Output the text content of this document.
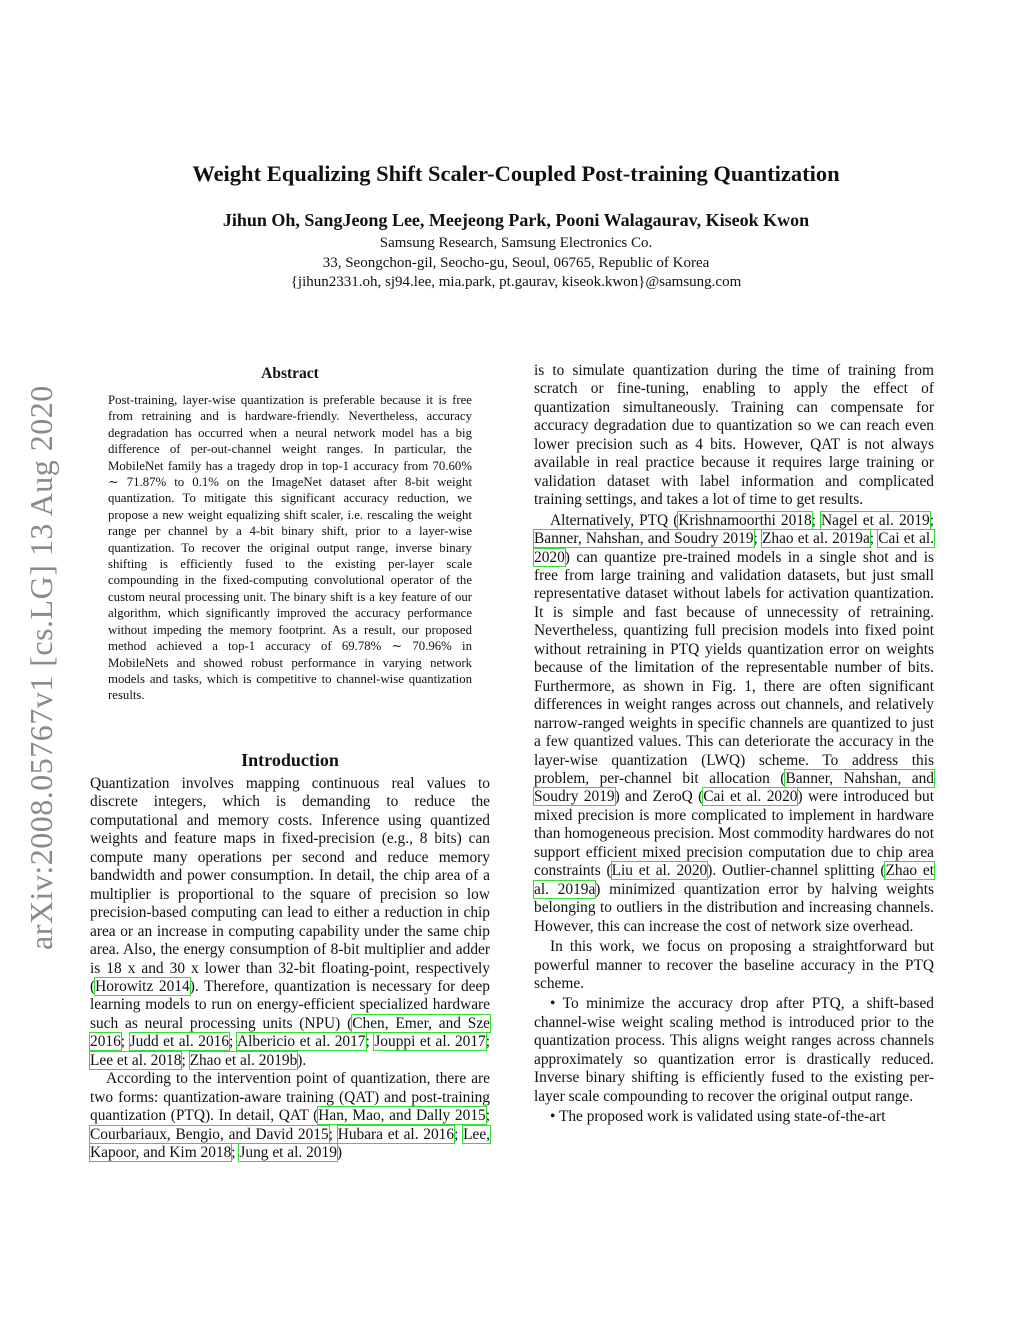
arXiv:2008.05767v1 [cs.LG] 13 Aug 2020
Weight Equalizing Shift Scaler-Coupled Post-training Quantization
Jihun Oh, SangJeong Lee, Meejeong Park, Pooni Walagaurav, Kiseok Kwon
Samsung Research, Samsung Electronics Co.
33, Seongchon-gil, Seocho-gu, Seoul, 06765, Republic of Korea
{jihun2331.oh, sj94.lee, mia.park, pt.gaurav, kiseok.kwon}@samsung.com
Abstract
Post-training, layer-wise quantization is preferable because it is free from retraining and is hardware-friendly. Nevertheless, accuracy degradation has occurred when a neural network model has a big difference of per-out-channel weight ranges. In particular, the MobileNet family has a tragedy drop in top-1 accuracy from 70.60% ∼ 71.87% to 0.1% on the ImageNet dataset after 8-bit weight quantization. To mitigate this significant accuracy reduction, we propose a new weight equalizing shift scaler, i.e. rescaling the weight range per channel by a 4-bit binary shift, prior to a layer-wise quantization. To recover the original output range, inverse binary shifting is efficiently fused to the existing per-layer scale compounding in the fixed-computing convolutional operator of the custom neural processing unit. The binary shift is a key feature of our algorithm, which significantly improved the accuracy performance without impeding the memory footprint. As a result, our proposed method achieved a top-1 accuracy of 69.78% ∼ 70.96% in MobileNets and showed robust performance in varying network models and tasks, which is competitive to channel-wise quantization results.
Introduction

Quantization involves mapping continuous real values to discrete integers, which is demanding to reduce the computational and memory costs. Inference using quantized weights and feature maps in fixed-precision (e.g., 8 bits) can compute many operations per second and reduce memory bandwidth and power consumption. In detail, the chip area of a multiplier is proportional to the square of precision so low precision-based computing can lead to either a reduction in chip area or an increase in computing capability under the same chip area. Also, the energy consumption of 8-bit multiplier and adder is 18 x and 30 x lower than 32-bit floating-point, respectively (Horowitz 2014). Therefore, quantization is necessary for deep learning models to run on energy-efficient specialized hardware such as neural processing units (NPU) (Chen, Emer, and Sze 2016; Judd et al. 2016; Albericio et al. 2017; Jouppi et al. 2017; Lee et al. 2018; Zhao et al. 2019b).

According to the intervention point of quantization, there are two forms: quantization-aware training (QAT) and post-training quantization (PTQ). In detail, QAT (Han, Mao, and Dally 2015; Courbariaux, Bengio, and David 2015; Hubara et al. 2016; Lee, Kapoor, and Kim 2018; Jung et al. 2019)

is to simulate quantization during the time of training from scratch or fine-tuning, enabling to apply the effect of quantization simultaneously. Training can compensate for accuracy degradation due to quantization so we can reach even lower precision such as 4 bits. However, QAT is not always available in real practice because it requires large training or validation dataset with label information and complicated training settings, and takes a lot of time to get results.

Alternatively, PTQ (Krishnamoorthi 2018; Nagel et al. 2019; Banner, Nahshan, and Soudry 2019; Zhao et al. 2019a; Cai et al. 2020) can quantize pre-trained models in a single shot and is free from large training and validation datasets, but just small representative dataset without labels for activation quantization. It is simple and fast because of unnecessity of retraining. Nevertheless, quantizing full precision models into fixed point without retraining in PTQ yields quantization error on weights because of the limitation of the representable number of bits. Furthermore, as shown in Fig. 1, there are often significant differences in weight ranges across out channels, and relatively narrow-ranged weights in specific channels are quantized to just a few quantized values. This can deteriorate the accuracy in the layer-wise quantization (LWQ) scheme. To address this problem, per-channel bit allocation (Banner, Nahshan, and Soudry 2019) and ZeroQ (Cai et al. 2020) were introduced but mixed precision is more complicated to implement in hardware than homogeneous precision. Most commodity hardwares do not support efficient mixed precision computation due to chip area constraints (Liu et al. 2020). Outlier-channel splitting (Zhao et al. 2019a) minimized quantization error by halving weights belonging to outliers in the distribution and increasing channels. However, this can increase the cost of network size overhead.

In this work, we focus on proposing a straightforward but powerful manner to recover the baseline accuracy in the PTQ scheme.

• To minimize the accuracy drop after PTQ, a shift-based channel-wise weight scaling method is introduced prior to the quantization process. This aligns weight ranges across channels approximately so quantization error is drastically reduced. Inverse binary shifting is efficiently fused to the existing per-layer scale compounding to recover the original output range.

• The proposed work is validated using state-of-the-art
